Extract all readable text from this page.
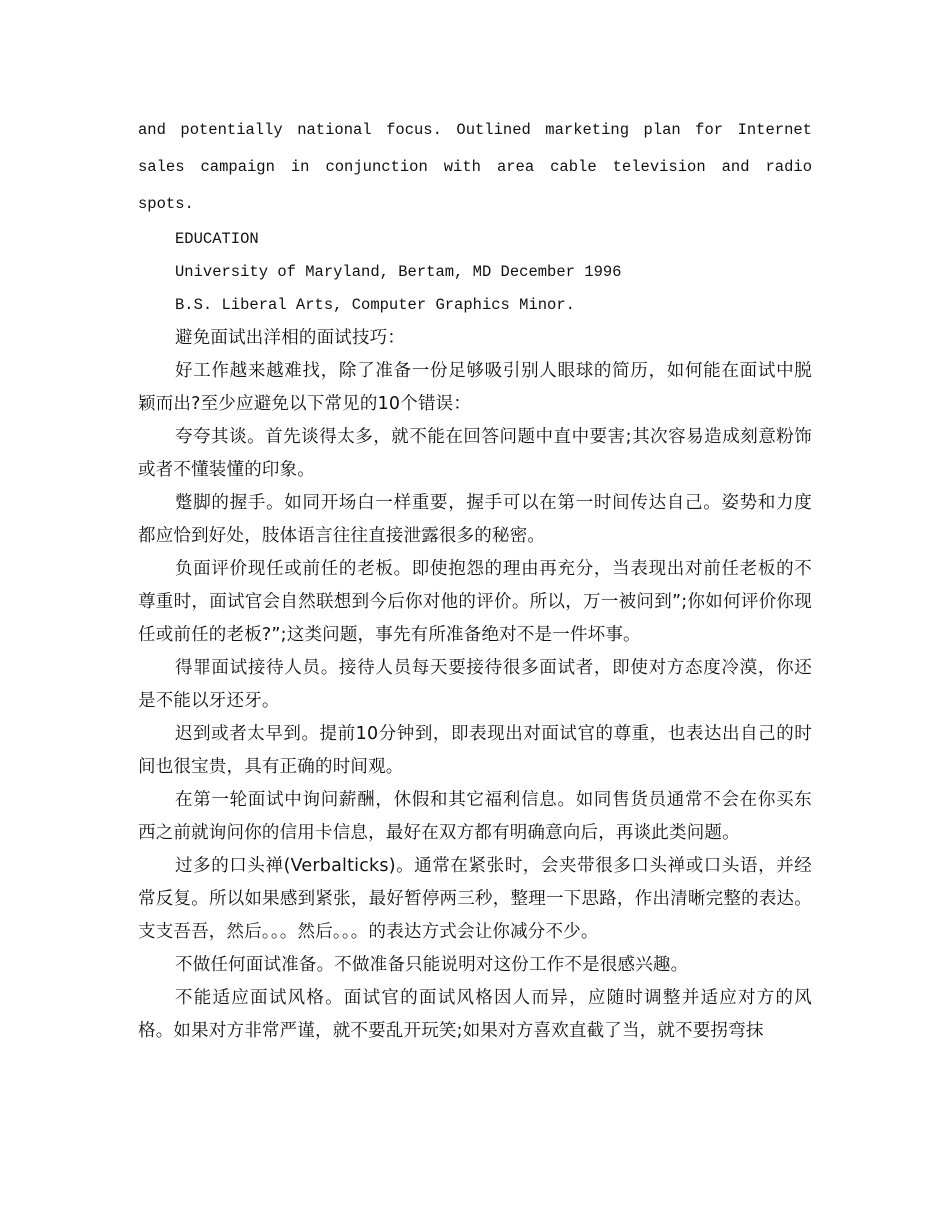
and potentially national focus. Outlined marketing plan for Internet sales campaign in conjunction with area cable television and radio spots.

EDUCATION

University of Maryland, Bertam, MD December 1996

B.S. Liberal Arts, Computer Graphics Minor.

避免面试出洋相的面试技巧：

好工作越来越难找，除了准备一份足够吸引别人眼球的简历，如何能在面试中脱颖而出?至少应避免以下常见的10个错误：

夸夸其谈。首先谈得太多，就不能在回答问题中直中要害;其次容易造成刻意粉饰或者不懂装懂的印象。

蹩脚的握手。如同开场白一样重要，握手可以在第一时间传达自己。姿势和力度都应恰到好处，肢体语言往往直接泄露很多的秘密。

负面评价现任或前任的老板。即使抱怨的理由再充分，当表现出对前任老板的不尊重时，面试官会自然联想到今后你对他的评价。所以，万一被问到”;你如何评价你现任或前任的老板?”;这类问题，事先有所准备绝对不是一件坏事。

得罪面试接待人员。接待人员每天要接待很多面试者，即使对方态度冷漠，你还是不能以牙还牙。

迟到或者太早到。提前10分钟到，即表现出对面试官的尊重，也表达出自己的时间也很宝贵，具有正确的时间观。

在第一轮面试中询问薪酬，休假和其它福利信息。如同售货员通常不会在你买东西之前就询问你的信用卡信息，最好在双方都有明确意向后，再谈此类问题。

过多的口头禅(Verbalticks)。通常在紧张时，会夹带很多口头禅或口头语，并经常反复。所以如果感到紧张，最好暂停两三秒，整理一下思路，作出清晰完整的表达。支支吾吾，然后。。。然后。。。的表达方式会让你减分不少。

不做任何面试准备。不做准备只能说明对这份工作不是很感兴趣。

不能适应面试风格。面试官的面试风格因人而异，应随时调整并适应对方的风格。如果对方非常严谨，就不要乱开玩笑;如果对方喜欢直截了当，就不要拐弯抹
